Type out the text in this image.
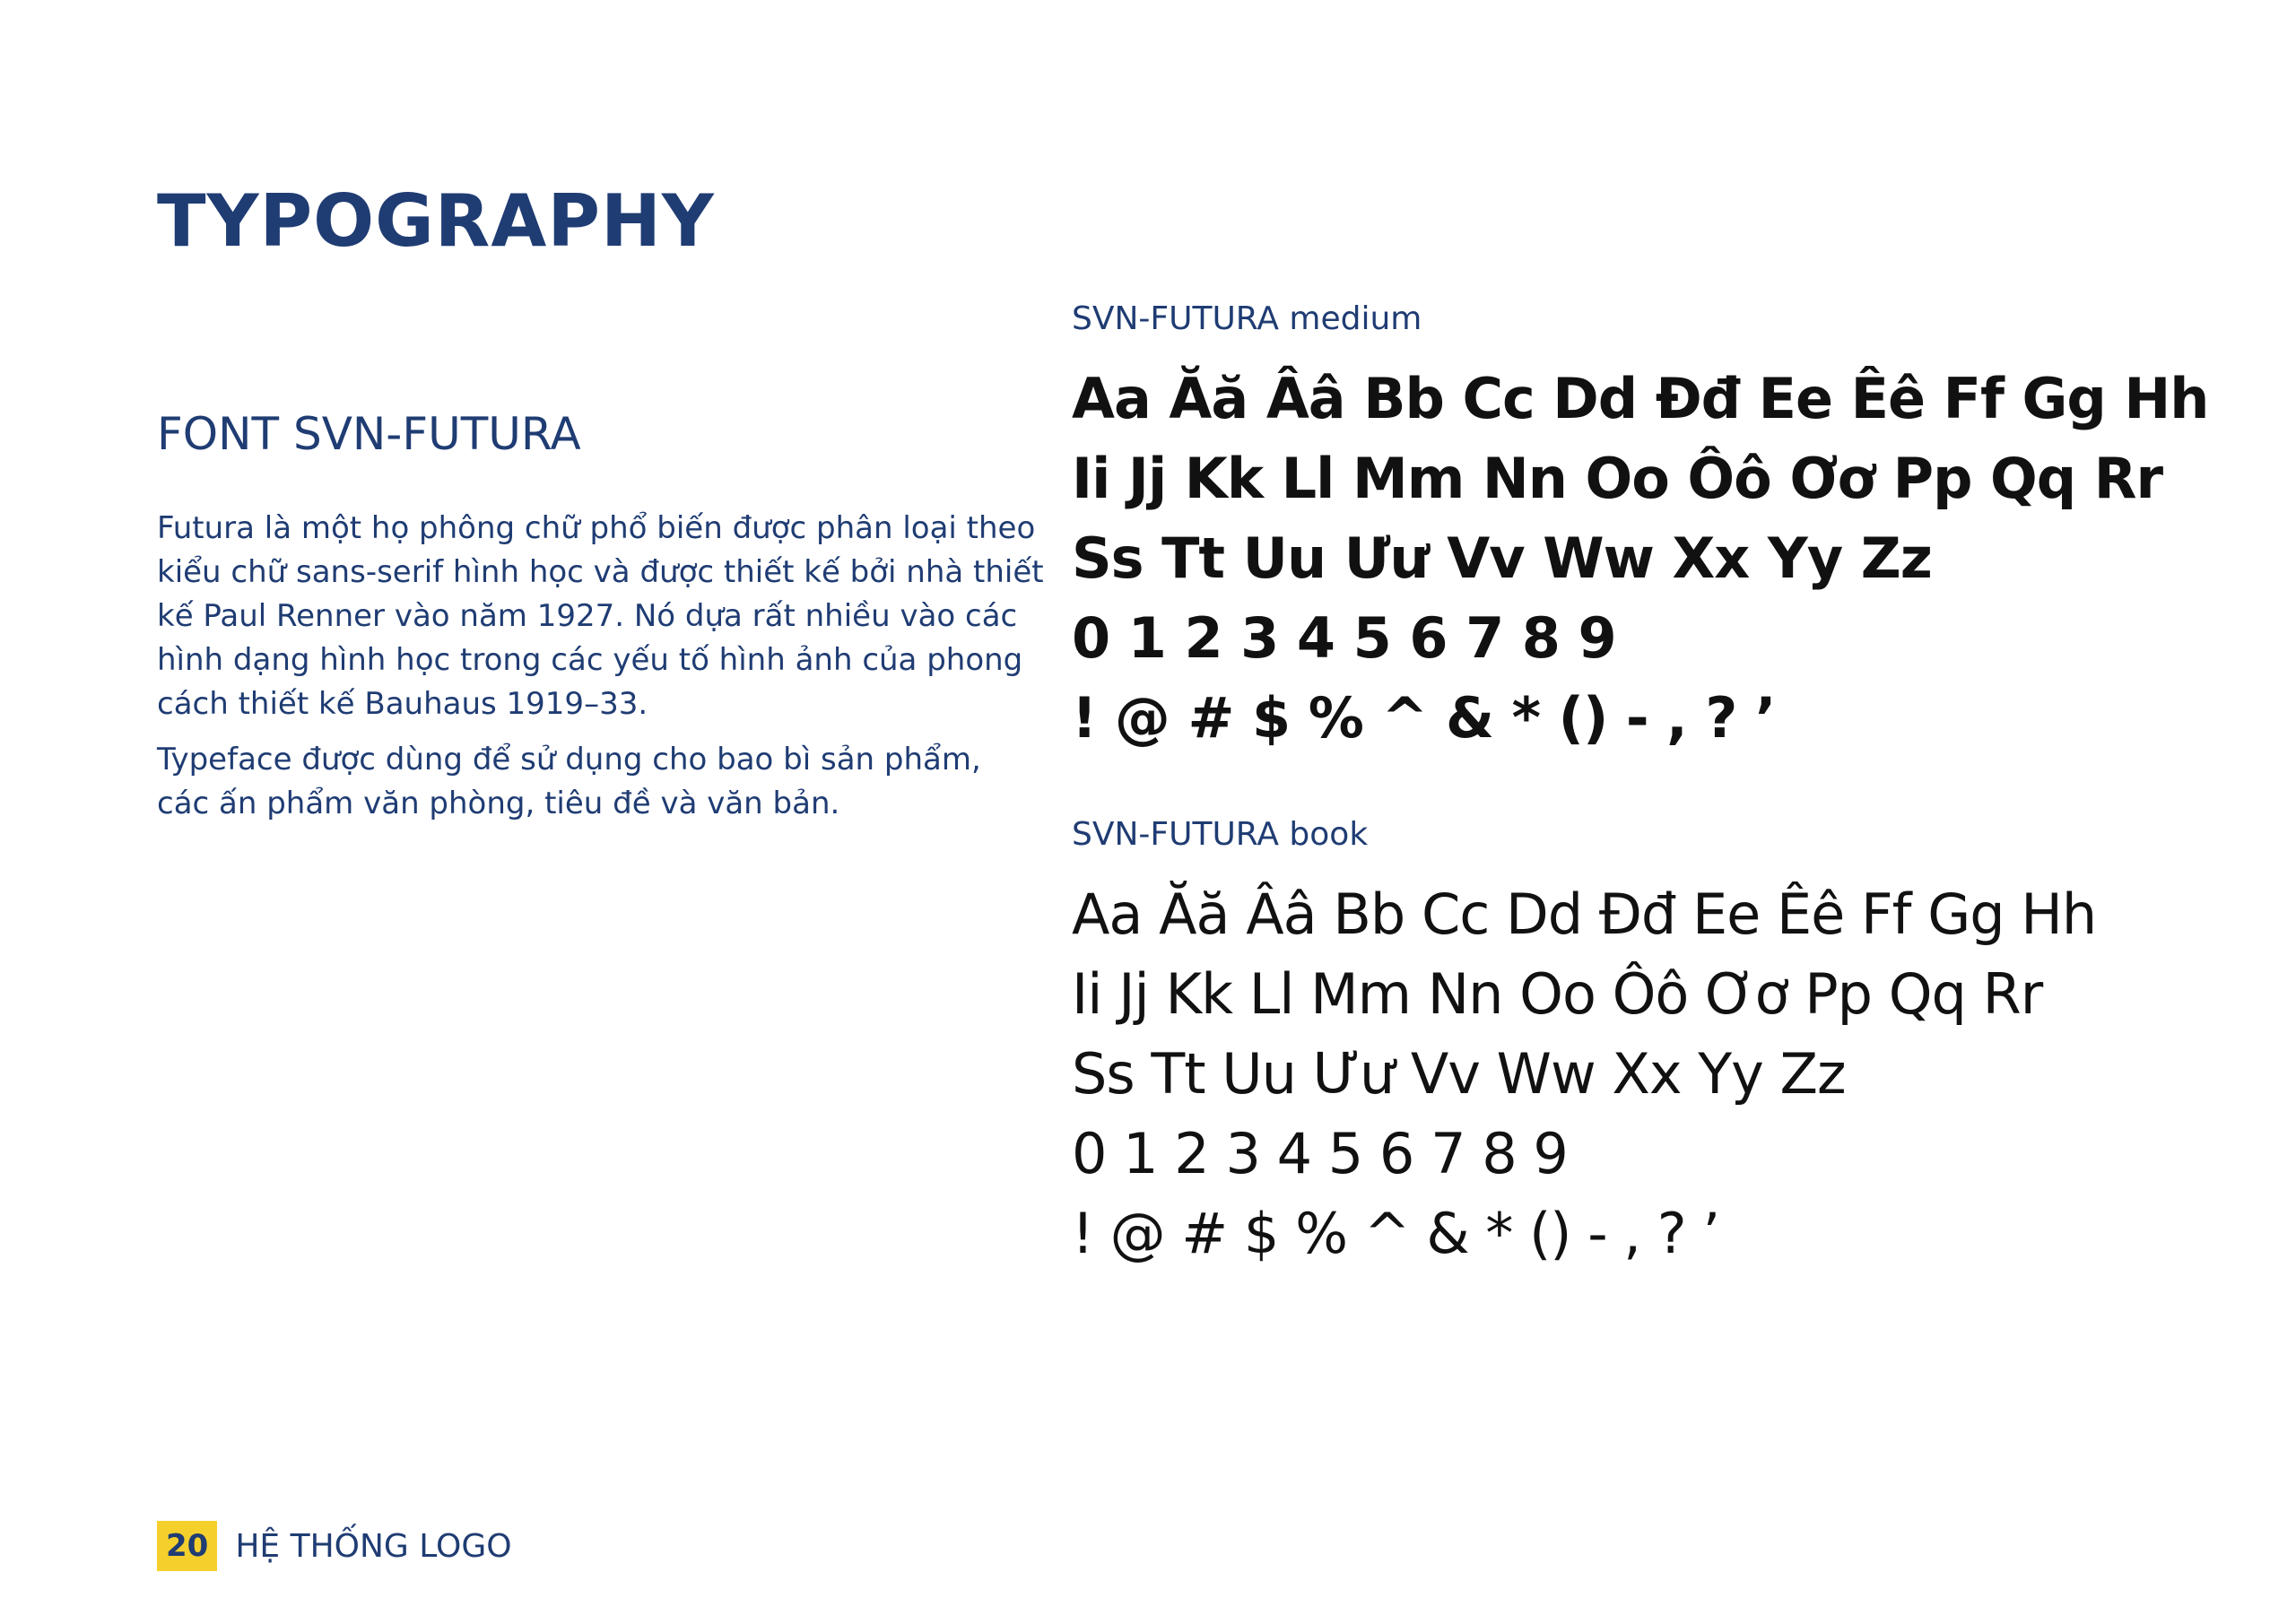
TYPOGRAPHY
FONT SVN-FUTURA

Futura là một họ phông chữ phổ biến được phân loại theo
kiểu chữ sans-serif hình học và được thiết kế bởi nhà thiết
kế Paul Renner vào năm 1927. Nó dựa rất nhiều vào các
hình dạng hình học trong các yếu tố hình ảnh của phong
cách thiết kế Bauhaus 1919–33.

Typeface được dùng để sử dụng cho bao bì sản phẩm,
các ấn phẩm văn phòng, tiêu đề và văn bản.

SVN-FUTURA medium
Aa Ăă Ââ Bb Cc Dd Đđ Ee Êê Ff Gg Hh
Ii Jj Kk Ll Mm Nn Oo Ôô Ơơ Pp Qq Rr
Ss Tt Uu Ưư Vv Ww Xx Yy Zz
0 1 2 3 4 5 6 7 8 9
! @ # $ % ^ & * () - , ? ’
SVN-FUTURA book
Aa Ăă Ââ Bb Cc Dd Đđ Ee Êê Ff Gg Hh
Ii Jj Kk Ll Mm Nn Oo Ôô Ơơ Pp Qq Rr
Ss Tt Uu Ưư Vv Ww Xx Yy Zz
0 1 2 3 4 5 6 7 8 9
! @ # $ % ^ & * () - , ? ’
20 HỆ THỐNG LOGO
